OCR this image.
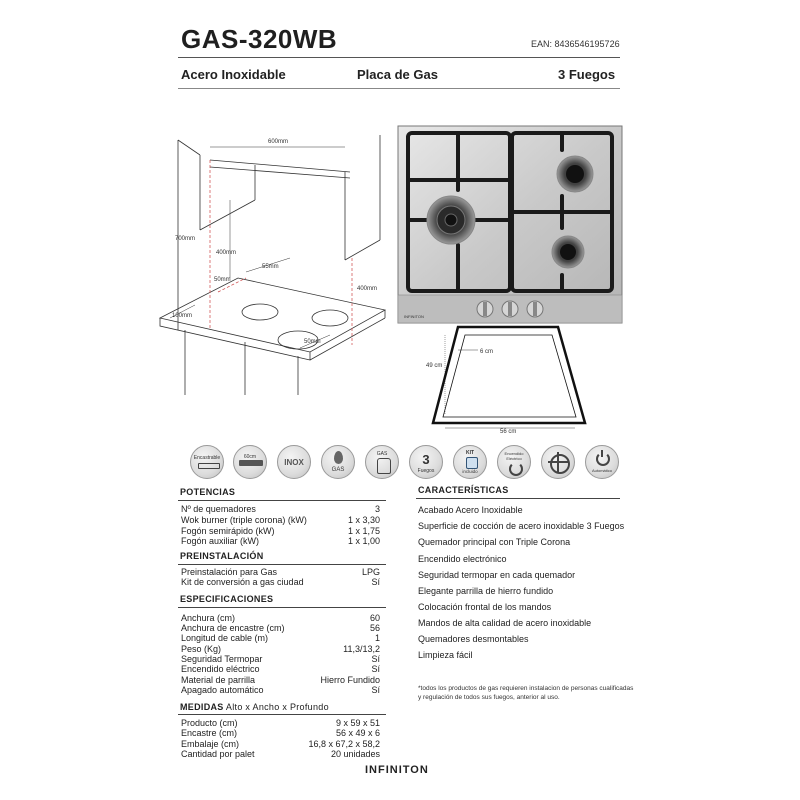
GAS-320WB	EAN: 8436546195726
Acero Inoxidable	Placa de Gas	3 Fuegos
600mm
700mm
400mm
400mm
50mm
55mm
100mm
50mm
INFINITON
49 cm
6 cm
56 cm
Encastrable	60cm
INOX
GAS
GAS	3
Fuegos
KIT
incluido
Encendido Eléctrico
Automático
POTENCIAS
Nº de quemadores	3
Wok burner (triple corona) (kW)	1 x 3,30
Fogón semirápido (kW)	1 x 1,75
Fogón auxiliar (kW)	1 x 1,00
PREINSTALACIÓN
Preinstalación para Gas	LPG
Kit de conversión a gas ciudad	Sí
ESPECIFICACIONES
Anchura (cm)	60
Anchura de encastre (cm)	56
Longitud de cable (m)	1
Peso (Kg)	11,3/13,2
Seguridad Termopar	Sí
Encendido eléctrico	Sí
Material de parrilla	Hierro Fundido
Apagado automático	Sí
MEDIDAS Alto x Ancho x Profundo
Producto (cm)	9 x 59 x 51
Encastre (cm)	56 x 49 x 6
Embalaje (cm)	16,8 x 67,2 x 58,2
Cantidad por palet	20 unidades
CARACTERÍSTICAS
Acabado Acero Inoxidable
Superficie de cocción de acero inoxidable 3 Fuegos
Quemador principal con Triple Corona
Encendido electrónico
Seguridad termopar en cada quemador
Elegante parrilla de hierro fundido
Colocación frontal de los mandos
Mandos de alta calidad de acero inoxidable
Quemadores desmontables
Limpieza fácil
*todos los productos de gas requieren instalacion de personas cualificadas y regulación de todos sus fuegos, anterior al uso.
INFINITON
